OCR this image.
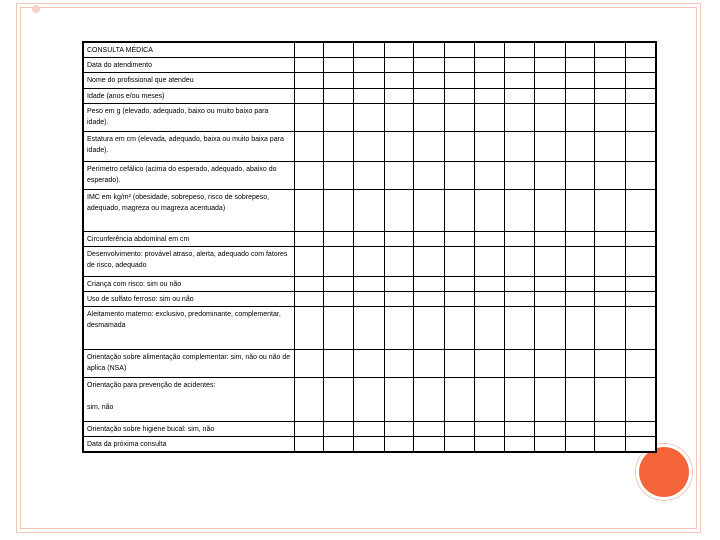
CONSULTA MÉDICA												
Data do atendimento												
Nome do profissional que atendeu												
Idade (anos e/ou meses)												
Peso em g (elevado, adequado, baixo ou muito baixo para idade).												
Estatura em cm (elevada, adequado, baixa ou muito baixa para idade).												
Perímetro cefálico (acima do esperado, adequado, abaixo do esperado).												
IMC em kg/m² (obesidade, sobrepeso, risco de sobrepeso, adequado, magreza ou magreza acentuada)												
Circunferência abdominal em cm												
Desenvolvimento: provável atraso, alerta, adequado com fatores de risco, adequado												
Criança com risco: sim ou não												
Uso de sulfato ferroso: sim ou não												
Aleitamento materno: exclusivo, predominante, complementar, desmamada												
Orientação sobre alimentação complementar: sim, não ou não de aplica (NSA)												
Orientação para prevenção de acidentes:
sim, não												
Orientação sobre higiene bucal: sim, não												
Data da próxima consulta												
